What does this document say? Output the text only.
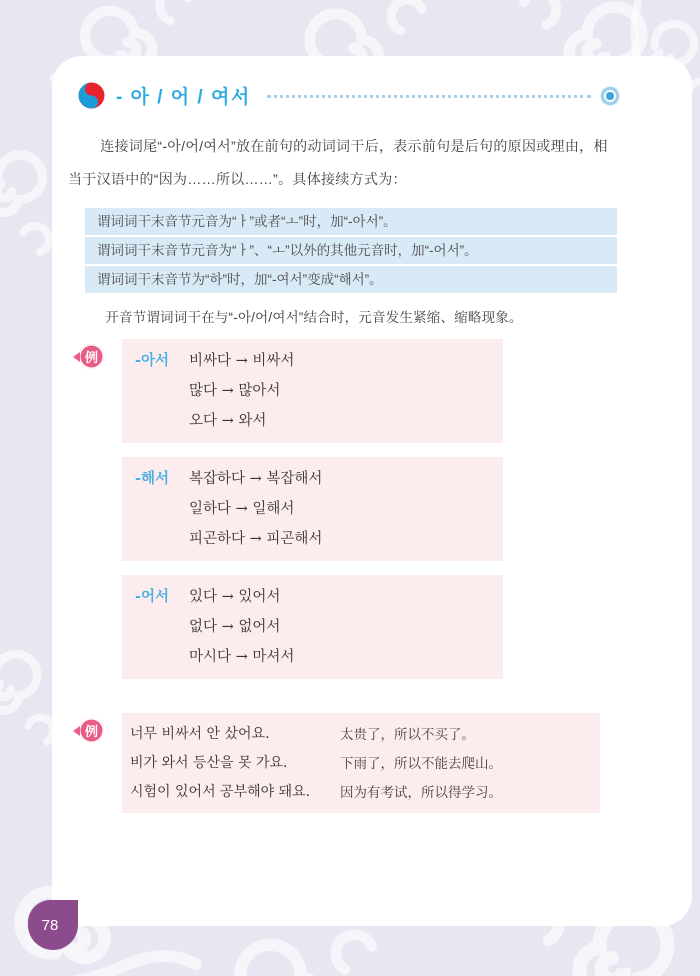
- 아 / 어 / 여서

连接词尾“-아/어/여서”放在前句的动词词干后，表示前句是后句的原因或理由，相当于汉语中的“因为……所以……”。具体接续方式为：

谓词词干末音节元音为“ㅏ”或者“ㅗ”时，加“-아서”。
谓词词干末音节元音为“ㅏ”、“ㅗ”以外的其他元音时，加“-어서”。
谓词词干末音节为“하”时，加“-여서”变成“해서”。

开音节谓词词干在与“-아/어/여서”结合时，元音发生紧缩、缩略现象。

例	-아서	비싸다 → 비싸서
많다 → 많아서
오다 → 와서
-해서	복잡하다 → 복잡해서
일하다 → 일해서
피곤하다 → 피곤해서
-어서	있다 → 있어서
없다 → 없어서
마시다 → 마셔서
例 너무 비싸서 안 샀어요.	太贵了，所以不买了。
비가 와서 등산을 못 가요.	下雨了，所以不能去爬山。
시험이 있어서 공부해야 돼요.	因为有考试，所以得学习。
78
